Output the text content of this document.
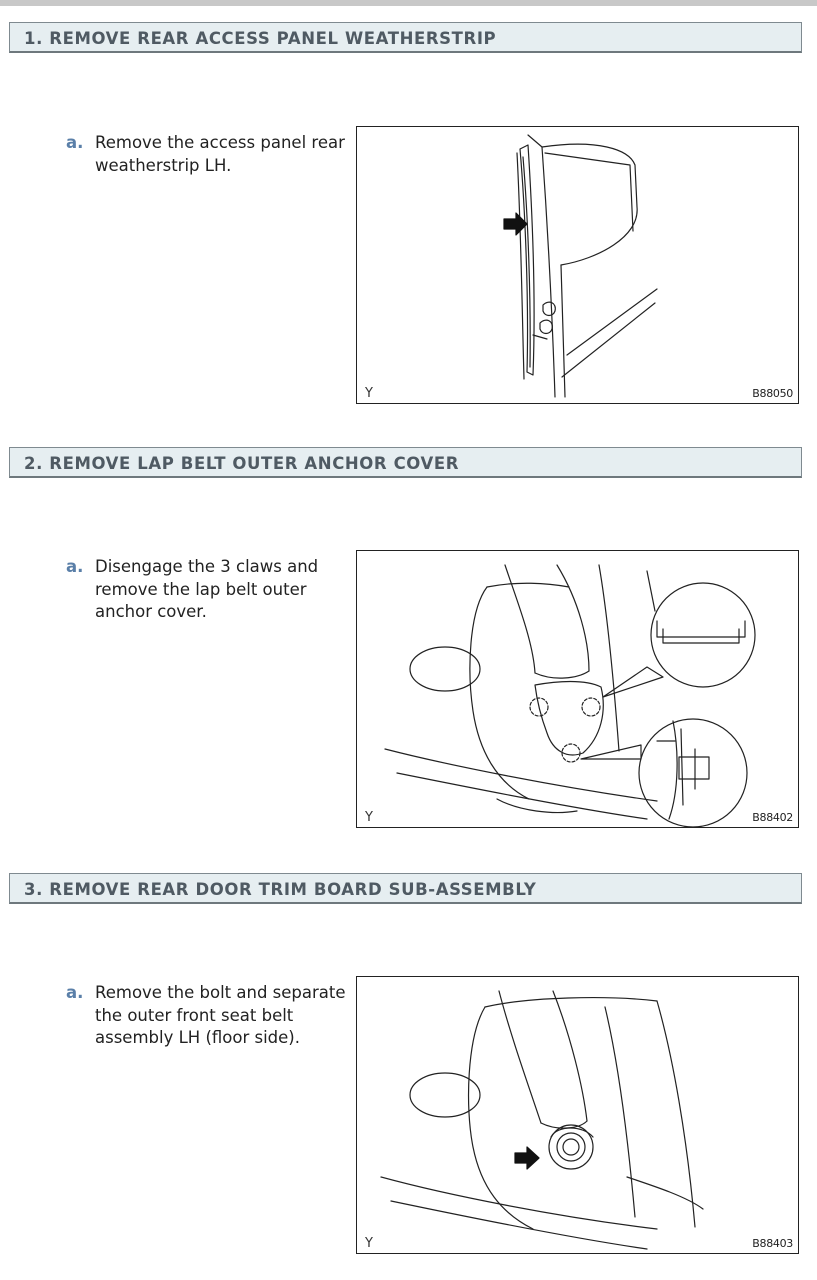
1. REMOVE REAR ACCESS PANEL WEATHERSTRIP
a. Remove the access panel rear weatherstrip LH.
Y	B88050
2. REMOVE LAP BELT OUTER ANCHOR COVER
a. Disengage the 3 claws and remove the lap belt outer anchor cover.
Y	B88402
3. REMOVE REAR DOOR TRIM BOARD SUB-ASSEMBLY
a. Remove the bolt and separate the outer front seat belt assembly LH (floor side).
Y	B88403
